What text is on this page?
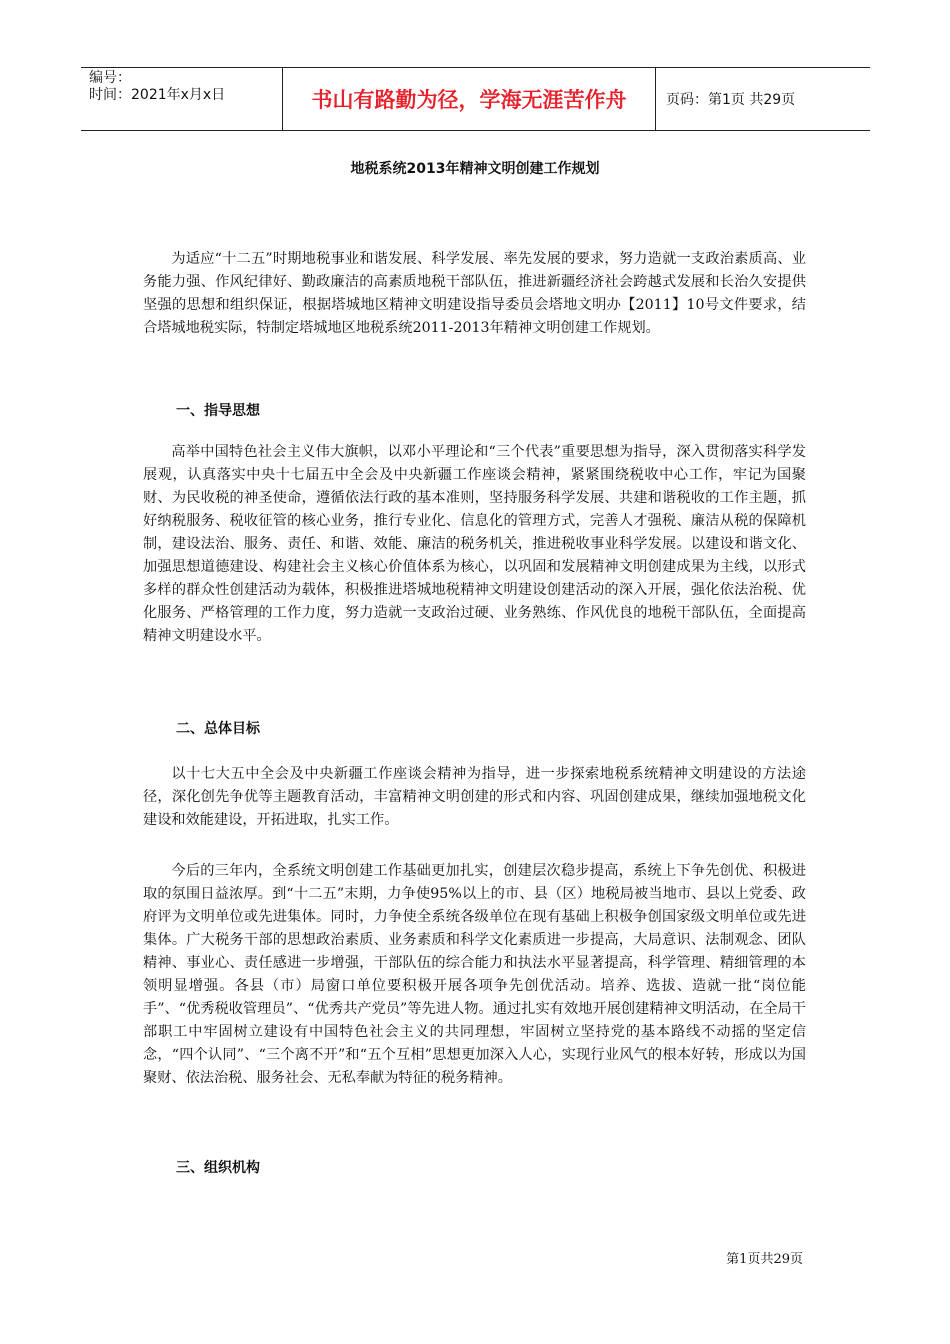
编号：
时间：2021年x月x日	书山有路勤为径，学海无涯苦作舟	页码：第1页 共29页
地税系统2013年精神文明创建工作规划

为适应“十二五”时期地税事业和谐发展、科学发展、率先发展的要求，努力造就一支政治素质高、业务能力强、作风纪律好、勤政廉洁的高素质地税干部队伍，推进新疆经济社会跨越式发展和长治久安提供坚强的思想和组织保证，根据塔城地区精神文明建设指导委员会塔地文明办【2011】10号文件要求，结合塔城地税实际，特制定塔城地区地税系统2011-2013年精神文明创建工作规划。

一、指导思想

高举中国特色社会主义伟大旗帜，以邓小平理论和“三个代表”重要思想为指导，深入贯彻落实科学发展观，认真落实中央十七届五中全会及中央新疆工作座谈会精神，紧紧围绕税收中心工作，牢记为国聚财、为民收税的神圣使命，遵循依法行政的基本准则，坚持服务科学发展、共建和谐税收的工作主题，抓好纳税服务、税收征管的核心业务，推行专业化、信息化的管理方式，完善人才强税、廉洁从税的保障机制，建设法治、服务、责任、和谐、效能、廉洁的税务机关，推进税收事业科学发展。以建设和谐文化、加强思想道德建设、构建社会主义核心价值体系为核心，以巩固和发展精神文明创建成果为主线，以形式多样的群众性创建活动为载体，积极推进塔城地税精神文明建设创建活动的深入开展，强化依法治税、优化服务、严格管理的工作力度，努力造就一支政治过硬、业务熟练、作风优良的地税干部队伍，全面提高精神文明建设水平。

二、总体目标

以十七大五中全会及中央新疆工作座谈会精神为指导，进一步探索地税系统精神文明建设的方法途径，深化创先争优等主题教育活动，丰富精神文明创建的形式和内容、巩固创建成果，继续加强地税文化建设和效能建设，开拓进取，扎实工作。

今后的三年内，全系统文明创建工作基础更加扎实，创建层次稳步提高，系统上下争先创优、积极进取的氛围日益浓厚。到“十二五”末期，力争使95%以上的市、县（区）地税局被当地市、县以上党委、政府评为文明单位或先进集体。同时，力争使全系统各级单位在现有基础上积极争创国家级文明单位或先进集体。广大税务干部的思想政治素质、业务素质和科学文化素质进一步提高，大局意识、法制观念、团队精神、事业心、责任感进一步增强，干部队伍的综合能力和执法水平显著提高，科学管理、精细管理的本领明显增强。各县（市）局窗口单位要积极开展各项争先创优活动。培养、选拔、造就一批“岗位能手”、“优秀税收管理员”、“优秀共产党员”等先进人物。通过扎实有效地开展创建精神文明活动，在全局干部职工中牢固树立建设有中国特色社会主义的共同理想，牢固树立坚持党的基本路线不动摇的坚定信念，“四个认同”、“三个离不开”和“五个互相”思想更加深入人心，实现行业风气的根本好转，形成以为国聚财、依法治税、服务社会、无私奉献为特征的税务精神。

三、组织机构

第1页共29页
